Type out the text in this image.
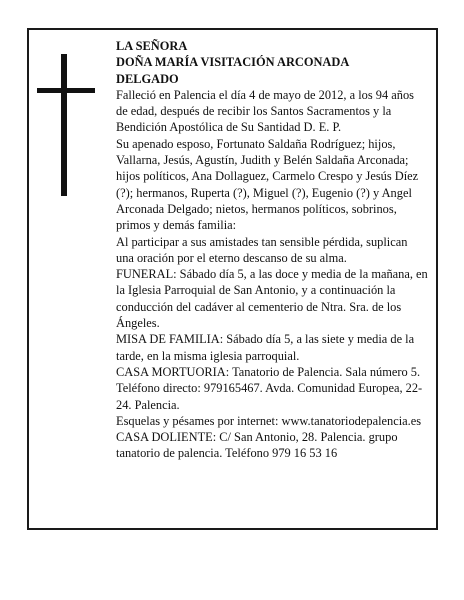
LA SEÑORA

DOÑA MARÍA VISITACIÓN ARCONADA

DELGADO

Falleció en Palencia el día 4 de mayo de 2012, a los 94 años de edad, después de recibir los Santos Sacramentos y la Bendición Apostólica de Su Santidad D. E. P.

Su apenado esposo, Fortunato Saldaña Rodríguez; hijos, Vallarna, Jesús, Agustín, Judith y Belén Saldaña Arconada; hijos políticos, Ana Dollaguez, Carmelo Crespo y Jesús Díez (?); hermanos, Ruperta (?), Miguel (?), Eugenio (?) y Angel Arconada Delgado; nietos, hermanos políticos, sobrinos, primos y demás familia:

Al participar a sus amistades tan sensible pérdida, suplican una oración por el eterno descanso de su alma.

FUNERAL: Sábado día 5, a las doce y media de la mañana, en la Iglesia Parroquial de San Antonio, y a continuación la conducción del cadáver al cementerio de Ntra. Sra. de los Ángeles.

MISA DE FAMILIA: Sábado día 5, a las siete y media de la tarde, en la misma iglesia parroquial.

CASA MORTUORIA: Tanatorio de Palencia. Sala número 5. Teléfono directo: 979165467. Avda. Comunidad Europea, 22-24. Palencia.

Esquelas y pésames por internet: www.tanatoriodepalencia.es

CASA DOLIENTE: C/ San Antonio, 28. Palencia. grupo tanatorio de palencia. Teléfono 979 16 53 16
